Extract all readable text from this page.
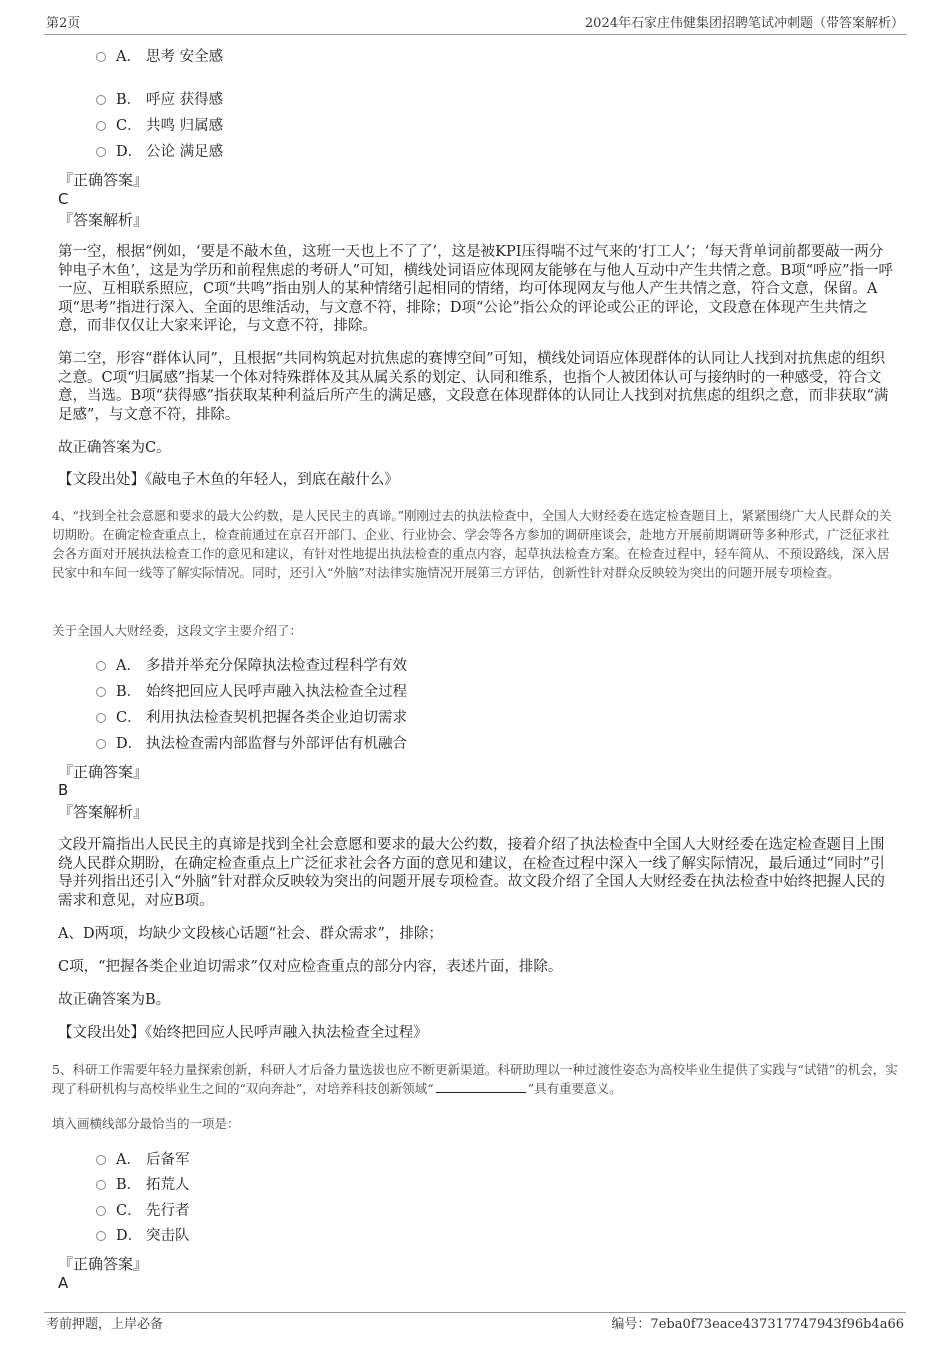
第2页	2024年石家庄伟健集团招聘笔试冲刺题（带答案解析）
A． 思考 安全感
B． 呼应 获得感
C． 共鸣 归属感
D． 公论 满足感
『正确答案』
C
『答案解析』
第一空，根据“例如，‘要是不敲木鱼，这班一天也上不了了’，这是被KPI压得喘不过气来的‘打工人’；‘每天背单词前都要敲一两分钟电子木鱼’，这是为学历和前程焦虑的考研人”可知，横线处词语应体现网友能够在与他人互动中产生共情之意。B项“呼应”指一呼一应、互相联系照应，C项“共鸣”指由别人的某种情绪引起相同的情绪，均可体现网友与他人产生共情之意，符合文意，保留。A项“思考”指进行深入、全面的思维活动，与文意不符，排除；D项“公论”指公众的评论或公正的评论，文段意在体现产生共情之意，而非仅仅让大家来评论，与文意不符，排除。
第二空，形容“群体认同”，且根据“共同构筑起对抗焦虑的赛博空间”可知，横线处词语应体现群体的认同让人找到对抗焦虑的组织之意。C项“归属感”指某一个体对特殊群体及其从属关系的划定、认同和维系，也指个人被团体认可与接纳时的一种感受，符合文意，当选。B项“获得感”指获取某种利益后所产生的满足感，文段意在体现群体的认同让人找到对抗焦虑的组织之意，而非获取“满足感”，与文意不符，排除。
故正确答案为C。
【文段出处】《敲电子木鱼的年轻人，到底在敲什么》
4、“找到全社会意愿和要求的最大公约数，是人民民主的真谛。”刚刚过去的执法检查中，全国人大财经委在选定检查题目上，紧紧围绕广大人民群众的关切期盼。在确定检查重点上，检查前通过在京召开部门、企业、行业协会、学会等各方参加的调研座谈会，赴地方开展前期调研等多种形式，广泛征求社会各方面对开展执法检查工作的意见和建议，有针对性地提出执法检查的重点内容，起草执法检查方案。在检查过程中，轻车简从、不预设路线，深入居民家中和车间一线等了解实际情况。同时，还引入“外脑”对法律实施情况开展第三方评估，创新性针对群众反映较为突出的问题开展专项检查。
关于全国人大财经委，这段文字主要介绍了：
A． 多措并举充分保障执法检查过程科学有效
B． 始终把回应人民呼声融入执法检查全过程
C． 利用执法检查契机把握各类企业迫切需求
D． 执法检查需内部监督与外部评估有机融合
『正确答案』
B
『答案解析』
文段开篇指出人民民主的真谛是找到全社会意愿和要求的最大公约数，接着介绍了执法检查中全国人大财经委在选定检查题目上围绕人民群众期盼，在确定检查重点上广泛征求社会各方面的意见和建议，在检查过程中深入一线了解实际情况，最后通过“同时”引导并列指出还引入“外脑”针对群众反映较为突出的问题开展专项检查。故文段介绍了全国人大财经委在执法检查中始终把握人民的需求和意见，对应B项。
A、D两项，均缺少文段核心话题“社会、群众需求”，排除；
C项，“把握各类企业迫切需求”仅对应检查重点的部分内容，表述片面，排除。
故正确答案为B。
【文段出处】《始终把回应人民呼声融入执法检查全过程》
5、科研工作需要年轻力量探索创新，科研人才后备力量选拔也应不断更新渠道。科研助理以一种过渡性姿态为高校毕业生提供了实践与“试错”的机会，实现了科研机构与高校毕业生之间的“双向奔赴”，对培养科技创新领域“	”具有重要意义。
填入画横线部分最恰当的一项是：
A． 后备军
B． 拓荒人
C． 先行者
D． 突击队
『正确答案』
A
考前押题，上岸必备	编号：7eba0f73eace437317747943f96b4a66
